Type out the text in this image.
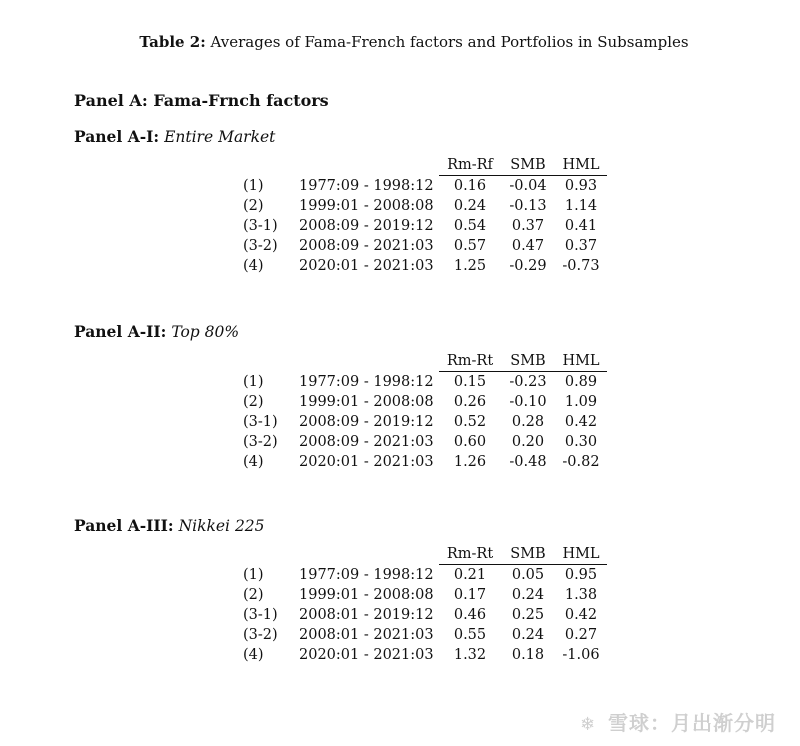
Table 2: Averages of Fama-French factors and Portfolios in Subsamples
Panel A: Fama-Frnch factors
Panel A-I: Entire Market
		Rm-Rf	SMB	HML
(1)	1977:09 - 1998:12	0.16	-0.04	0.93
(2)	1999:01 - 2008:08	0.24	-0.13	1.14
(3-1)	2008:09 - 2019:12	0.54	0.37	0.41
(3-2)	2008:09 - 2021:03	0.57	0.47	0.37
(4)	2020:01 - 2021:03	1.25	-0.29	-0.73
Panel A-II: Top 80%
		Rm-Rt	SMB	HML
(1)	1977:09 - 1998:12	0.15	-0.23	0.89
(2)	1999:01 - 2008:08	0.26	-0.10	1.09
(3-1)	2008:09 - 2019:12	0.52	0.28	0.42
(3-2)	2008:09 - 2021:03	0.60	0.20	0.30
(4)	2020:01 - 2021:03	1.26	-0.48	-0.82
Panel A-III: Nikkei 225
		Rm-Rt	SMB	HML
(1)	1977:09 - 1998:12	0.21	0.05	0.95
(2)	1999:01 - 2008:08	0.17	0.24	1.38
(3-1)	2008:01 - 2019:12	0.46	0.25	0.42
(3-2)	2008:01 - 2021:03	0.55	0.24	0.27
(4)	2020:01 - 2021:03	1.32	0.18	-1.06
❄ 雪球：月出渐分明
